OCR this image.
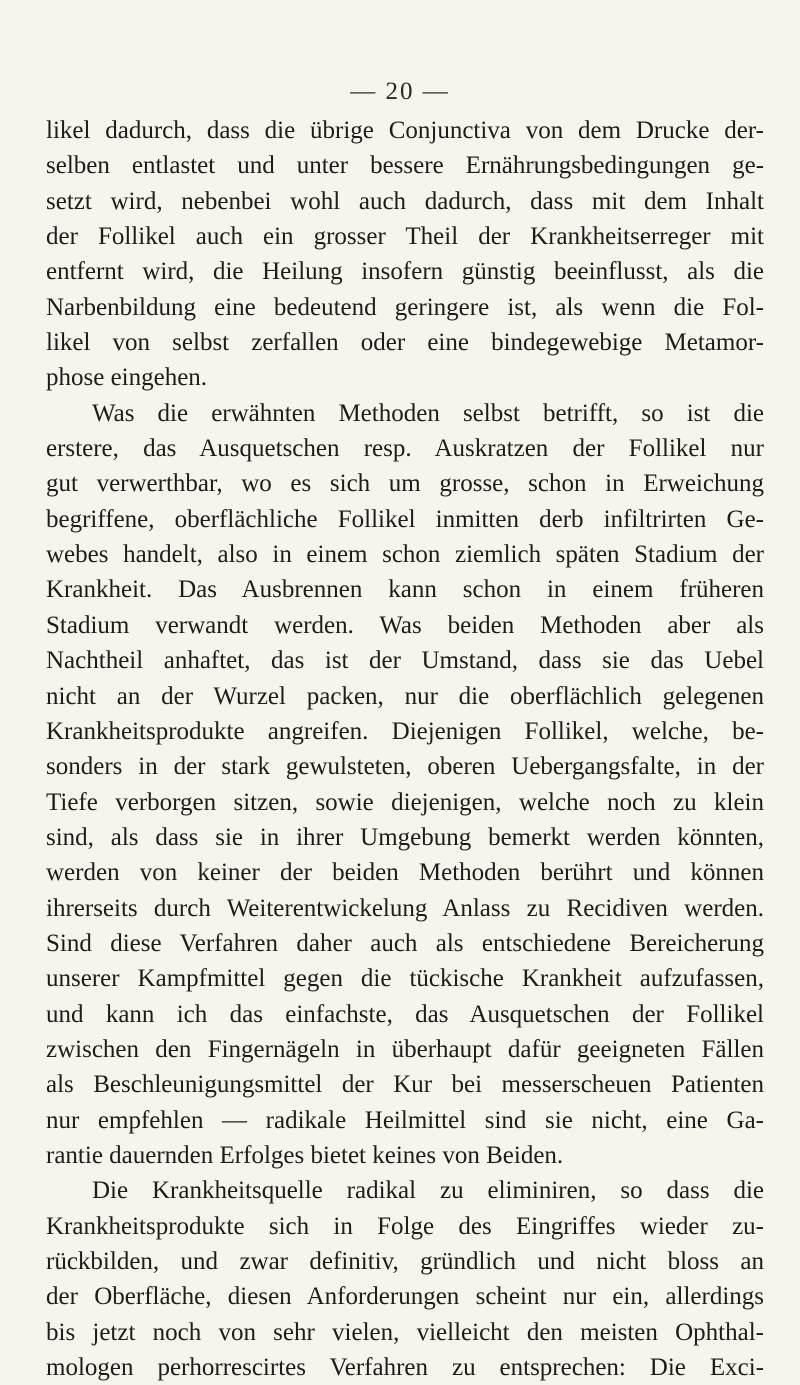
— 20 —
likel dadurch, dass die übrige Conjunctiva von dem Drucke der-
selben entlastet und unter bessere Ernährungsbedingungen ge-
setzt wird, nebenbei wohl auch dadurch, dass mit dem Inhalt
der Follikel auch ein grosser Theil der Krankheitserreger mit
entfernt wird, die Heilung insofern günstig beeinflusst, als die
Narbenbildung eine bedeutend geringere ist, als wenn die Fol-
likel von selbst zerfallen oder eine bindegewebige Metamor-
phose eingehen.
Was die erwähnten Methoden selbst betrifft, so ist die
erstere, das Ausquetschen resp. Auskratzen der Follikel nur
gut verwerthbar, wo es sich um grosse, schon in Erweichung
begriffene, oberflächliche Follikel inmitten derb infiltrirten Ge-
webes handelt, also in einem schon ziemlich späten Stadium der
Krankheit. Das Ausbrennen kann schon in einem früheren
Stadium verwandt werden. Was beiden Methoden aber als
Nachtheil anhaftet, das ist der Umstand, dass sie das Uebel
nicht an der Wurzel packen, nur die oberflächlich gelegenen
Krankheitsprodukte angreifen. Diejenigen Follikel, welche, be-
sonders in der stark gewulsteten, oberen Uebergangsfalte, in der
Tiefe verborgen sitzen, sowie diejenigen, welche noch zu klein
sind, als dass sie in ihrer Umgebung bemerkt werden könnten,
werden von keiner der beiden Methoden berührt und können
ihrerseits durch Weiterentwickelung Anlass zu Recidiven werden.
Sind diese Verfahren daher auch als entschiedene Bereicherung
unserer Kampfmittel gegen die tückische Krankheit aufzufassen,
und kann ich das einfachste, das Ausquetschen der Follikel
zwischen den Fingernägeln in überhaupt dafür geeigneten Fällen
als Beschleunigungsmittel der Kur bei messerscheuen Patienten
nur empfehlen — radikale Heilmittel sind sie nicht, eine Ga-
rantie dauernden Erfolges bietet keines von Beiden.
Die Krankheitsquelle radikal zu eliminiren, so dass die
Krankheitsprodukte sich in Folge des Eingriffes wieder zu-
rückbilden, und zwar definitiv, gründlich und nicht bloss an
der Oberfläche, diesen Anforderungen scheint nur ein, allerdings
bis jetzt noch von sehr vielen, vielleicht den meisten Ophthal-
mologen perhorrescirtes Verfahren zu entsprechen: Die Exci-
